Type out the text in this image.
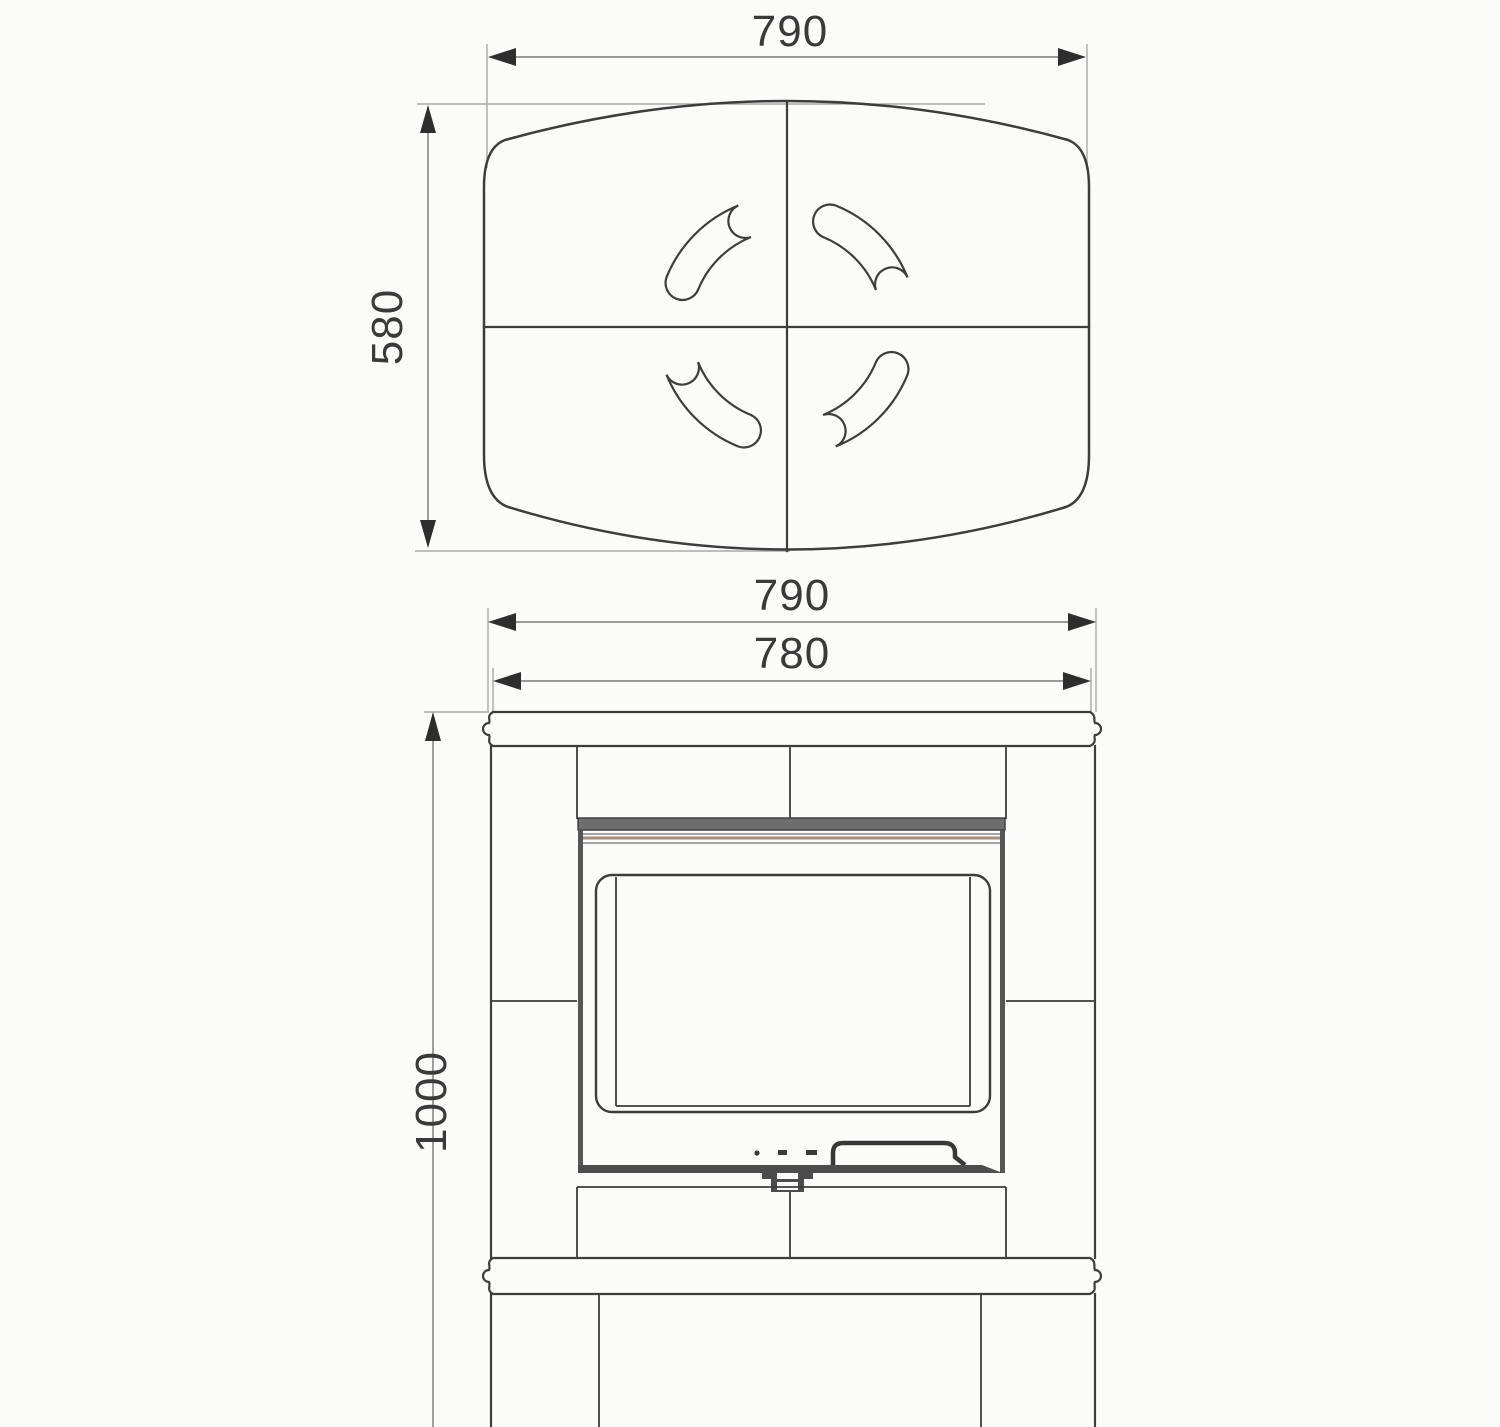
790
580
790
780
1000
